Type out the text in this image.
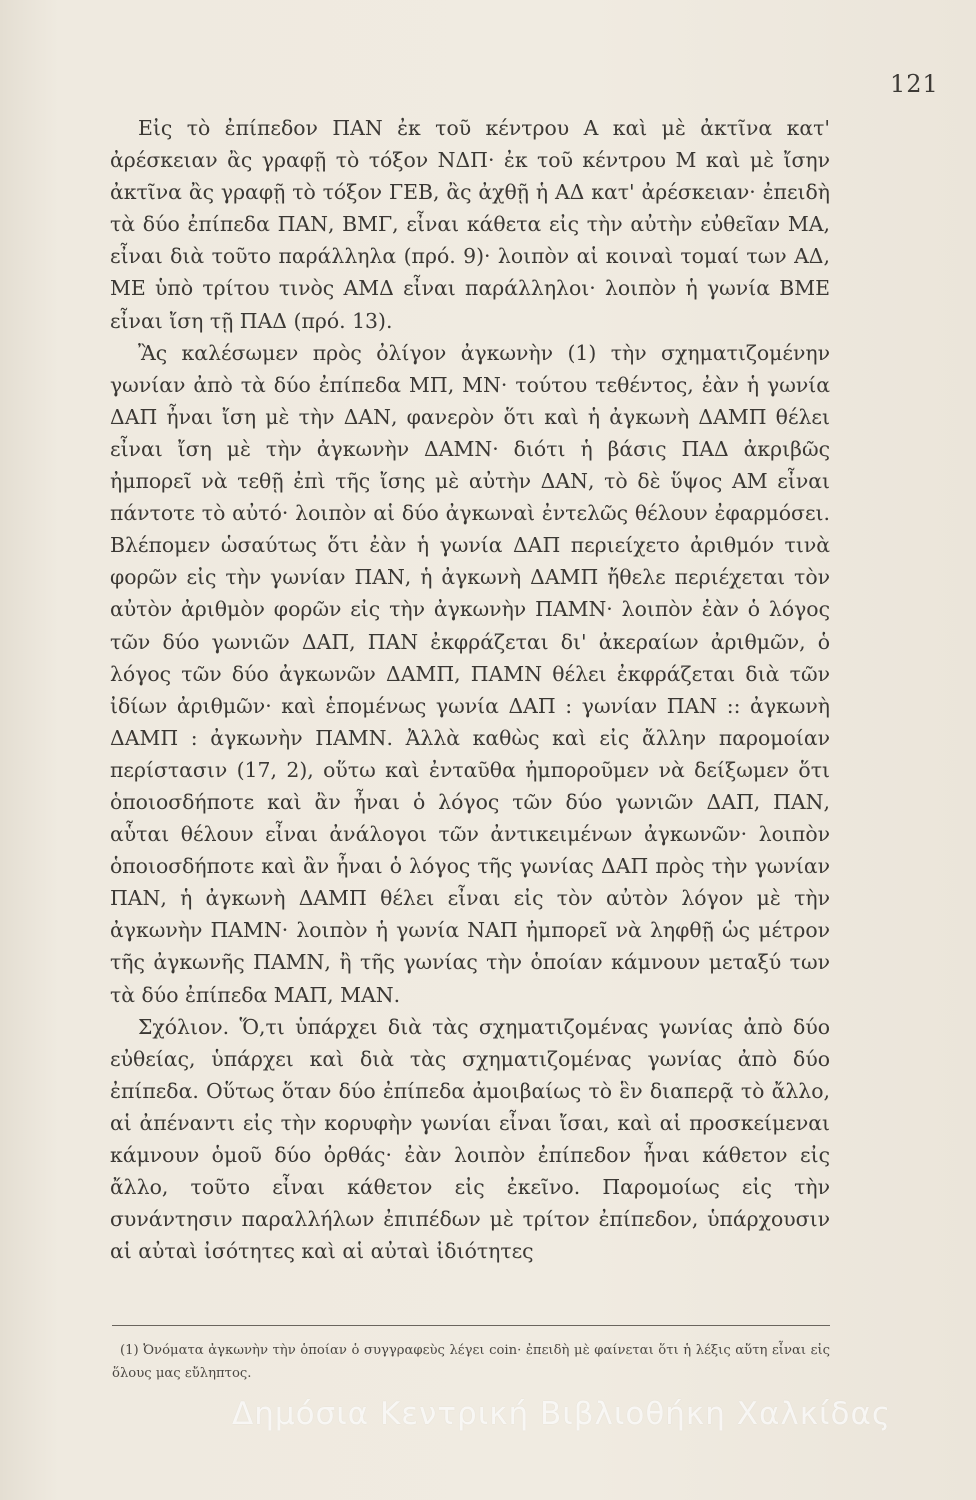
121

Εἰς τὸ ἐπίπεδον ΠΑΝ ἐκ τοῦ κέντρου Α καὶ μὲ ἀκτῖνα κατ' ἀρέσκειαν ἂς γραφῇ τὸ τόξον ΝΔΠ· ἐκ τοῦ κέντρου Μ καὶ μὲ ἴσην ἀκτῖνα ἂς γραφῇ τὸ τόξον ΓΕΒ, ἂς ἀχθῇ ἡ ΑΔ κατ' ἀρέσκειαν· ἐπειδὴ τὰ δύο ἐπίπεδα ΠΑΝ, ΒΜΓ, εἶναι κάθετα εἰς τὴν αὐτὴν εὐθεῖαν ΜΑ, εἶναι διὰ τοῦτο παράλληλα (πρό. 9)· λοιπὸν αἱ κοιναὶ τομαί των ΑΔ, ΜΕ ὑπὸ τρίτου τινὸς ΑΜΔ εἶναι παράλληλοι· λοιπὸν ἡ γωνία ΒΜΕ εἶναι ἴση τῇ ΠΑΔ (πρό. 13).

Ἂς καλέσωμεν πρὸς ὀλίγον ἀγκωνὴν (1) τὴν σχηματιζομένην γωνίαν ἀπὸ τὰ δύο ἐπίπεδα ΜΠ, ΜΝ· τούτου τεθέντος, ἐὰν ἡ γωνία ΔΑΠ ἦναι ἴση μὲ τὴν ΔΑΝ, φανερὸν ὅτι καὶ ἡ ἀγκωνὴ ΔΑΜΠ θέλει εἶναι ἴση μὲ τὴν ἀγκωνὴν ΔΑΜΝ· διότι ἡ βάσις ΠΑΔ ἀκριβῶς ἠμπορεῖ νὰ τεθῇ ἐπὶ τῆς ἴσης μὲ αὐτὴν ΔΑΝ, τὸ δὲ ὕψος ΑΜ εἶναι πάντοτε τὸ αὐτό· λοιπὸν αἱ δύο ἀγκωναὶ ἐντελῶς θέλουν ἐφαρμόσει. Βλέπομεν ὡσαύτως ὅτι ἐὰν ἡ γωνία ΔΑΠ περιείχετο ἀριθμόν τινὰ φορῶν εἰς τὴν γωνίαν ΠΑΝ, ἡ ἀγκωνὴ ΔΑΜΠ ἤθελε περιέχεται τὸν αὐτὸν ἀριθμὸν φορῶν εἰς τὴν ἀγκωνὴν ΠΑΜΝ· λοιπὸν ἐὰν ὁ λόγος τῶν δύο γωνιῶν ΔΑΠ, ΠΑΝ ἐκφράζεται δι' ἀκεραίων ἀριθμῶν, ὁ λόγος τῶν δύο ἀγκωνῶν ΔΑΜΠ, ΠΑΜΝ θέλει ἐκφράζεται διὰ τῶν ἰδίων ἀριθμῶν· καὶ ἑπομένως γωνία ΔΑΠ : γωνίαν ΠΑΝ :: ἀγκωνὴ ΔΑΜΠ : ἀγκωνὴν ΠΑΜΝ. Ἀλλὰ καθὼς καὶ εἰς ἄλλην παρομοίαν περίστασιν (17, 2), οὕτω καὶ ἐνταῦθα ἠμποροῦμεν νὰ δείξωμεν ὅτι ὁποιοσδήποτε καὶ ἂν ἦναι ὁ λόγος τῶν δύο γωνιῶν ΔΑΠ, ΠΑΝ, αὗται θέλουν εἶναι ἀνάλογοι τῶν ἀντικειμένων ἀγκωνῶν· λοιπὸν ὁποιοσδήποτε καὶ ἂν ἦναι ὁ λόγος τῆς γωνίας ΔΑΠ πρὸς τὴν γωνίαν ΠΑΝ, ἡ ἀγκωνὴ ΔΑΜΠ θέλει εἶναι εἰς τὸν αὐτὸν λόγον μὲ τὴν ἀγκωνὴν ΠΑΜΝ· λοιπὸν ἡ γωνία ΝΑΠ ἠμπορεῖ νὰ ληφθῇ ὡς μέτρον τῆς ἀγκωνῆς ΠΑΜΝ, ἢ τῆς γωνίας τὴν ὁποίαν κάμνουν μεταξύ των τὰ δύο ἐπίπεδα ΜΑΠ, ΜΑΝ.

Σχόλιον. Ὅ,τι ὑπάρχει διὰ τὰς σχηματιζομένας γωνίας ἀπὸ δύο εὐθείας, ὑπάρχει καὶ διὰ τὰς σχηματιζομένας γωνίας ἀπὸ δύο ἐπίπεδα. Οὕτως ὅταν δύο ἐπίπεδα ἀμοιβαίως τὸ ἓν διαπερᾷ τὸ ἄλλο, αἱ ἀπέναντι εἰς τὴν κορυφὴν γωνίαι εἶναι ἴσαι, καὶ αἱ προσκείμεναι κάμνουν ὁμοῦ δύο ὀρθάς· ἐὰν λοιπὸν ἐπίπεδον ἦναι κάθετον εἰς ἄλλο, τοῦτο εἶναι κάθετον εἰς ἐκεῖνο. Παρομοίως εἰς τὴν συνάντησιν παραλλήλων ἐπιπέδων μὲ τρίτον ἐπίπεδον, ὑπάρχουσιν αἱ αὐταὶ ἰσότητες καὶ αἱ αὐταὶ ἰδιότητες

(1) Ὀνόματα ἀγκωνὴν τὴν ὁποίαν ὁ συγγραφεὺς λέγει coin· ἐπειδὴ μὲ φαίνεται ὅτι ἡ λέξις αὕτη εἶναι εἰς ὅλους μας εὔληπτος.

Δημόσια Κεντρική Βιβλιοθήκη Χαλκίδας
